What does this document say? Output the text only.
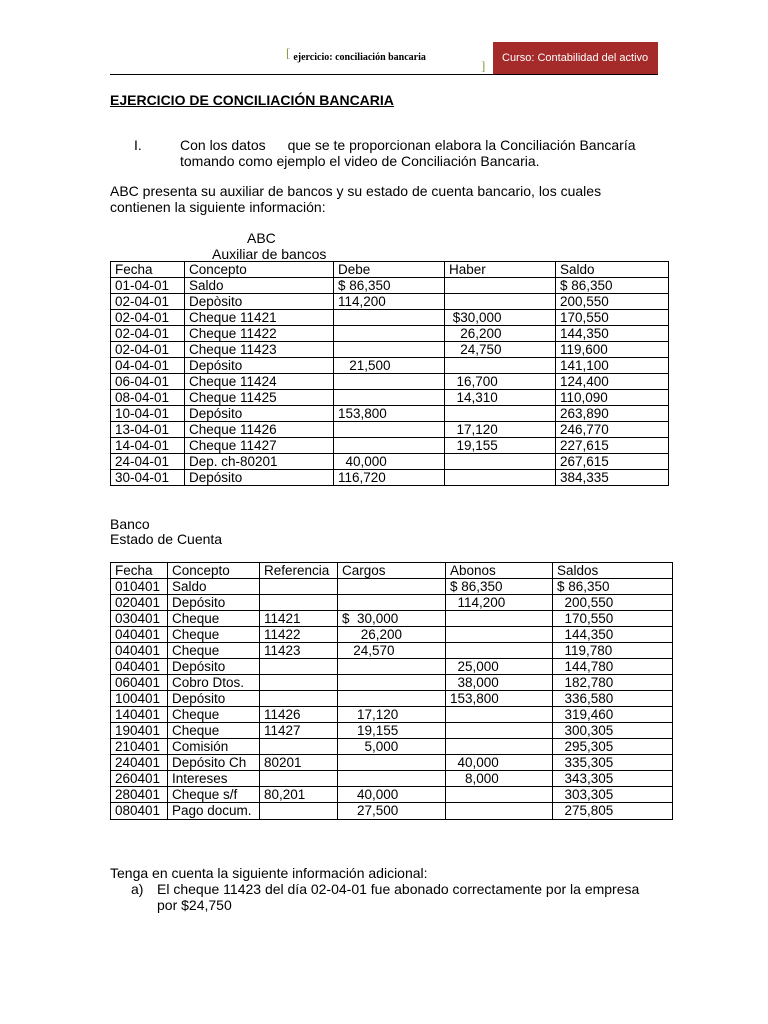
[ ejercicio: conciliación bancaria
]	Curso: Contabilidad del activo
EJERCICIO DE CONCILIACIÓN BANCARIA
I.	Con los datos que se te proporcionan elabora la Conciliación Bancaría tomando como ejemplo el video de Conciliación Bancaria.
ABC presenta su auxiliar de bancos y su estado de cuenta bancario, los cuales contienen la siguiente información:
ABC
Auxiliar de bancos
Fecha	Concepto	Debe	Haber	Saldo
01-04-01	Saldo	$ 86,350		$ 86,350
02-04-01	Depòsito	114,200		200,550
02-04-01	Cheque 11421		$30,000	170,550
02-04-01	Cheque 11422		26,200	144,350
02-04-01	Cheque 11423		24,750	119,600
04-04-01	Depósito	21,500		141,100
06-04-01	Cheque 11424		16,700	124,400
08-04-01	Cheque 11425		14,310	110,090
10-04-01	Depósito	153,800		263,890
13-04-01	Cheque 11426		17,120	246,770
14-04-01	Cheque 11427		19,155	227,615
24-04-01	Dep. ch-80201	40,000		267,615
30-04-01	Depósito	116,720		384,335
Banco
Estado de Cuenta
Fecha	Concepto	Referencia	Cargos	Abonos	Saldos
010401	Saldo			$ 86,350	$ 86,350
020401	Depósito			114,200	200,550
030401	Cheque	11421	$  30,000		170,550
040401	Cheque	11422	26,200		144,350
040401	Cheque	11423	24,570		119,780
040401	Depósito			25,000	144,780
060401	Cobro Dtos.			38,000	182,780
100401	Depósito			153,800	336,580
140401	Cheque	11426	17,120		319,460
190401	Cheque	11427	19,155		300,305
210401	Comisión		5,000		295,305
240401	Depósito Ch	80201		40,000	335,305
260401	Intereses			8,000	343,305
280401	Cheque s/f	80,201	40,000		303,305
080401	Pago docum.		27,500		275,805
Tenga en cuenta la siguiente información adicional:
a) El cheque 11423 del día 02-04-01 fue abonado correctamente por la empresa
por $24,750
